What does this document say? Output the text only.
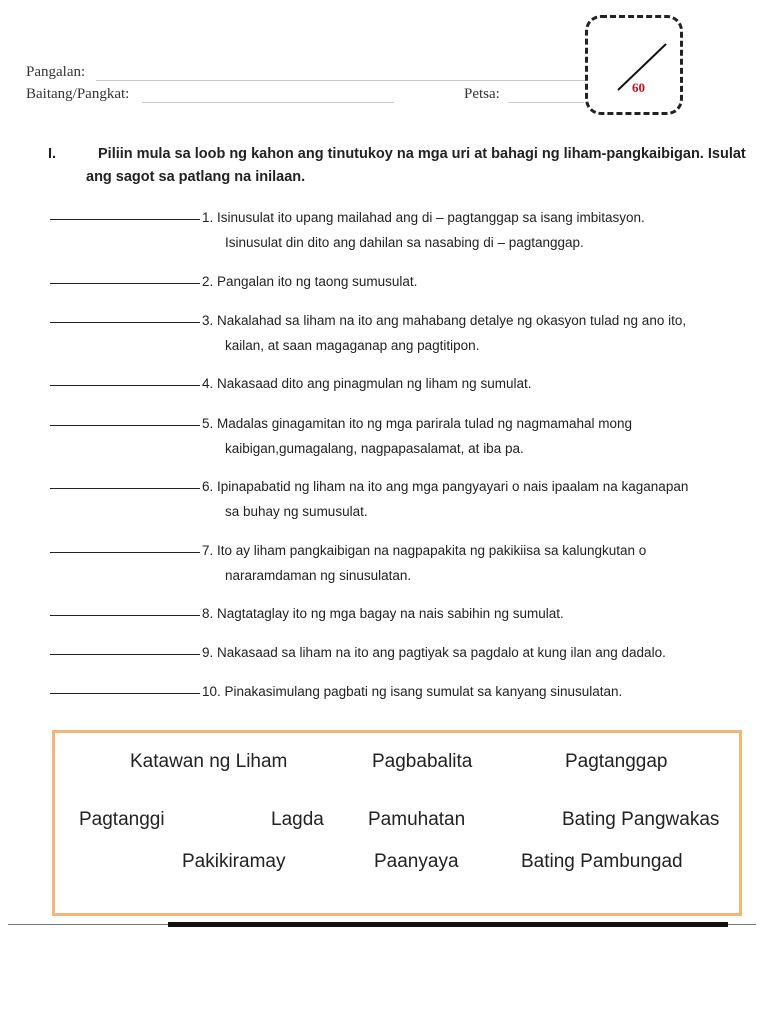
Pangalan:
Baitang/Pangkat:	Petsa:	60
I.	Piliin mula sa loob ng kahon ang tinutukoy na mga uri at bahagi ng liham-pangkaibigan. Isulat
ang sagot sa patlang na inilaan.
1. Isinusulat ito upang mailahad ang di – pagtanggap sa isang imbitasyon.
Isinusulat din dito ang dahilan sa nasabing di – pagtanggap.
2. Pangalan ito ng taong sumusulat.
3. Nakalahad sa liham na ito ang mahabang detalye ng okasyon tulad ng ano ito,
kailan, at saan magaganap ang pagtitipon.
4. Nakasaad dito ang pinagmulan ng liham ng sumulat.
5. Madalas ginagamitan ito ng mga parirala tulad ng nagmamahal mong
kaibigan,gumagalang, nagpapasalamat, at iba pa.
6. Ipinapabatid ng liham na ito ang mga pangyayari o nais ipaalam na kaganapan
sa buhay ng sumusulat.
7. Ito ay liham pangkaibigan na nagpapakita ng pakikiisa sa kalungkutan o
nararamdaman ng sinusulatan.
8. Nagtataglay ito ng mga bagay na nais sabihin ng sumulat.
9. Nakasaad sa liham na ito ang pagtiyak sa pagdalo at kung ilan ang dadalo.
10. Pinakasimulang pagbati ng isang sumulat sa kanyang sinusulatan.
Katawan ng Liham	Pagbabalita	Pagtanggap
Pagtanggi	Lagda Pamuhatan	Bating Pangwakas
Pakikiramay	Paanyaya	Bating Pambungad
